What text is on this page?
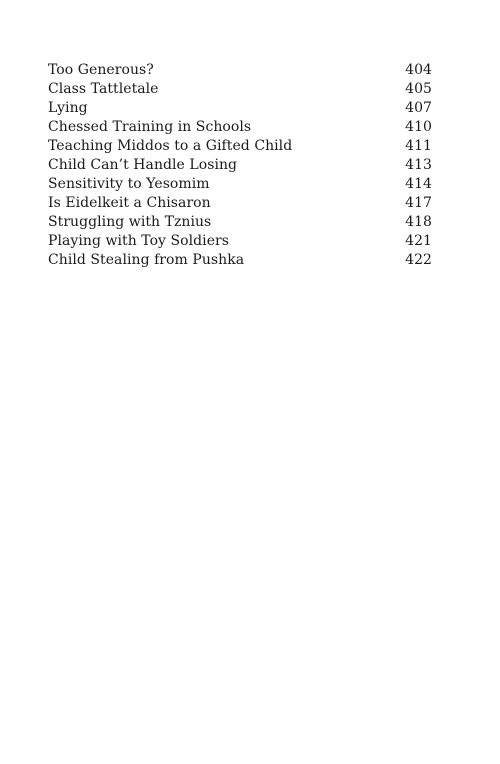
Too Generous?	404
Class Tattletale	405
Lying	407
Chessed Training in Schools	410
Teaching Middos to a Gifted Child	411
Child Can’t Handle Losing	413
Sensitivity to Yesomim	414
Is Eidelkeit a Chisaron	417
Struggling with Tznius	418
Playing with Toy Soldiers	421
Child Stealing from Pushka	422
